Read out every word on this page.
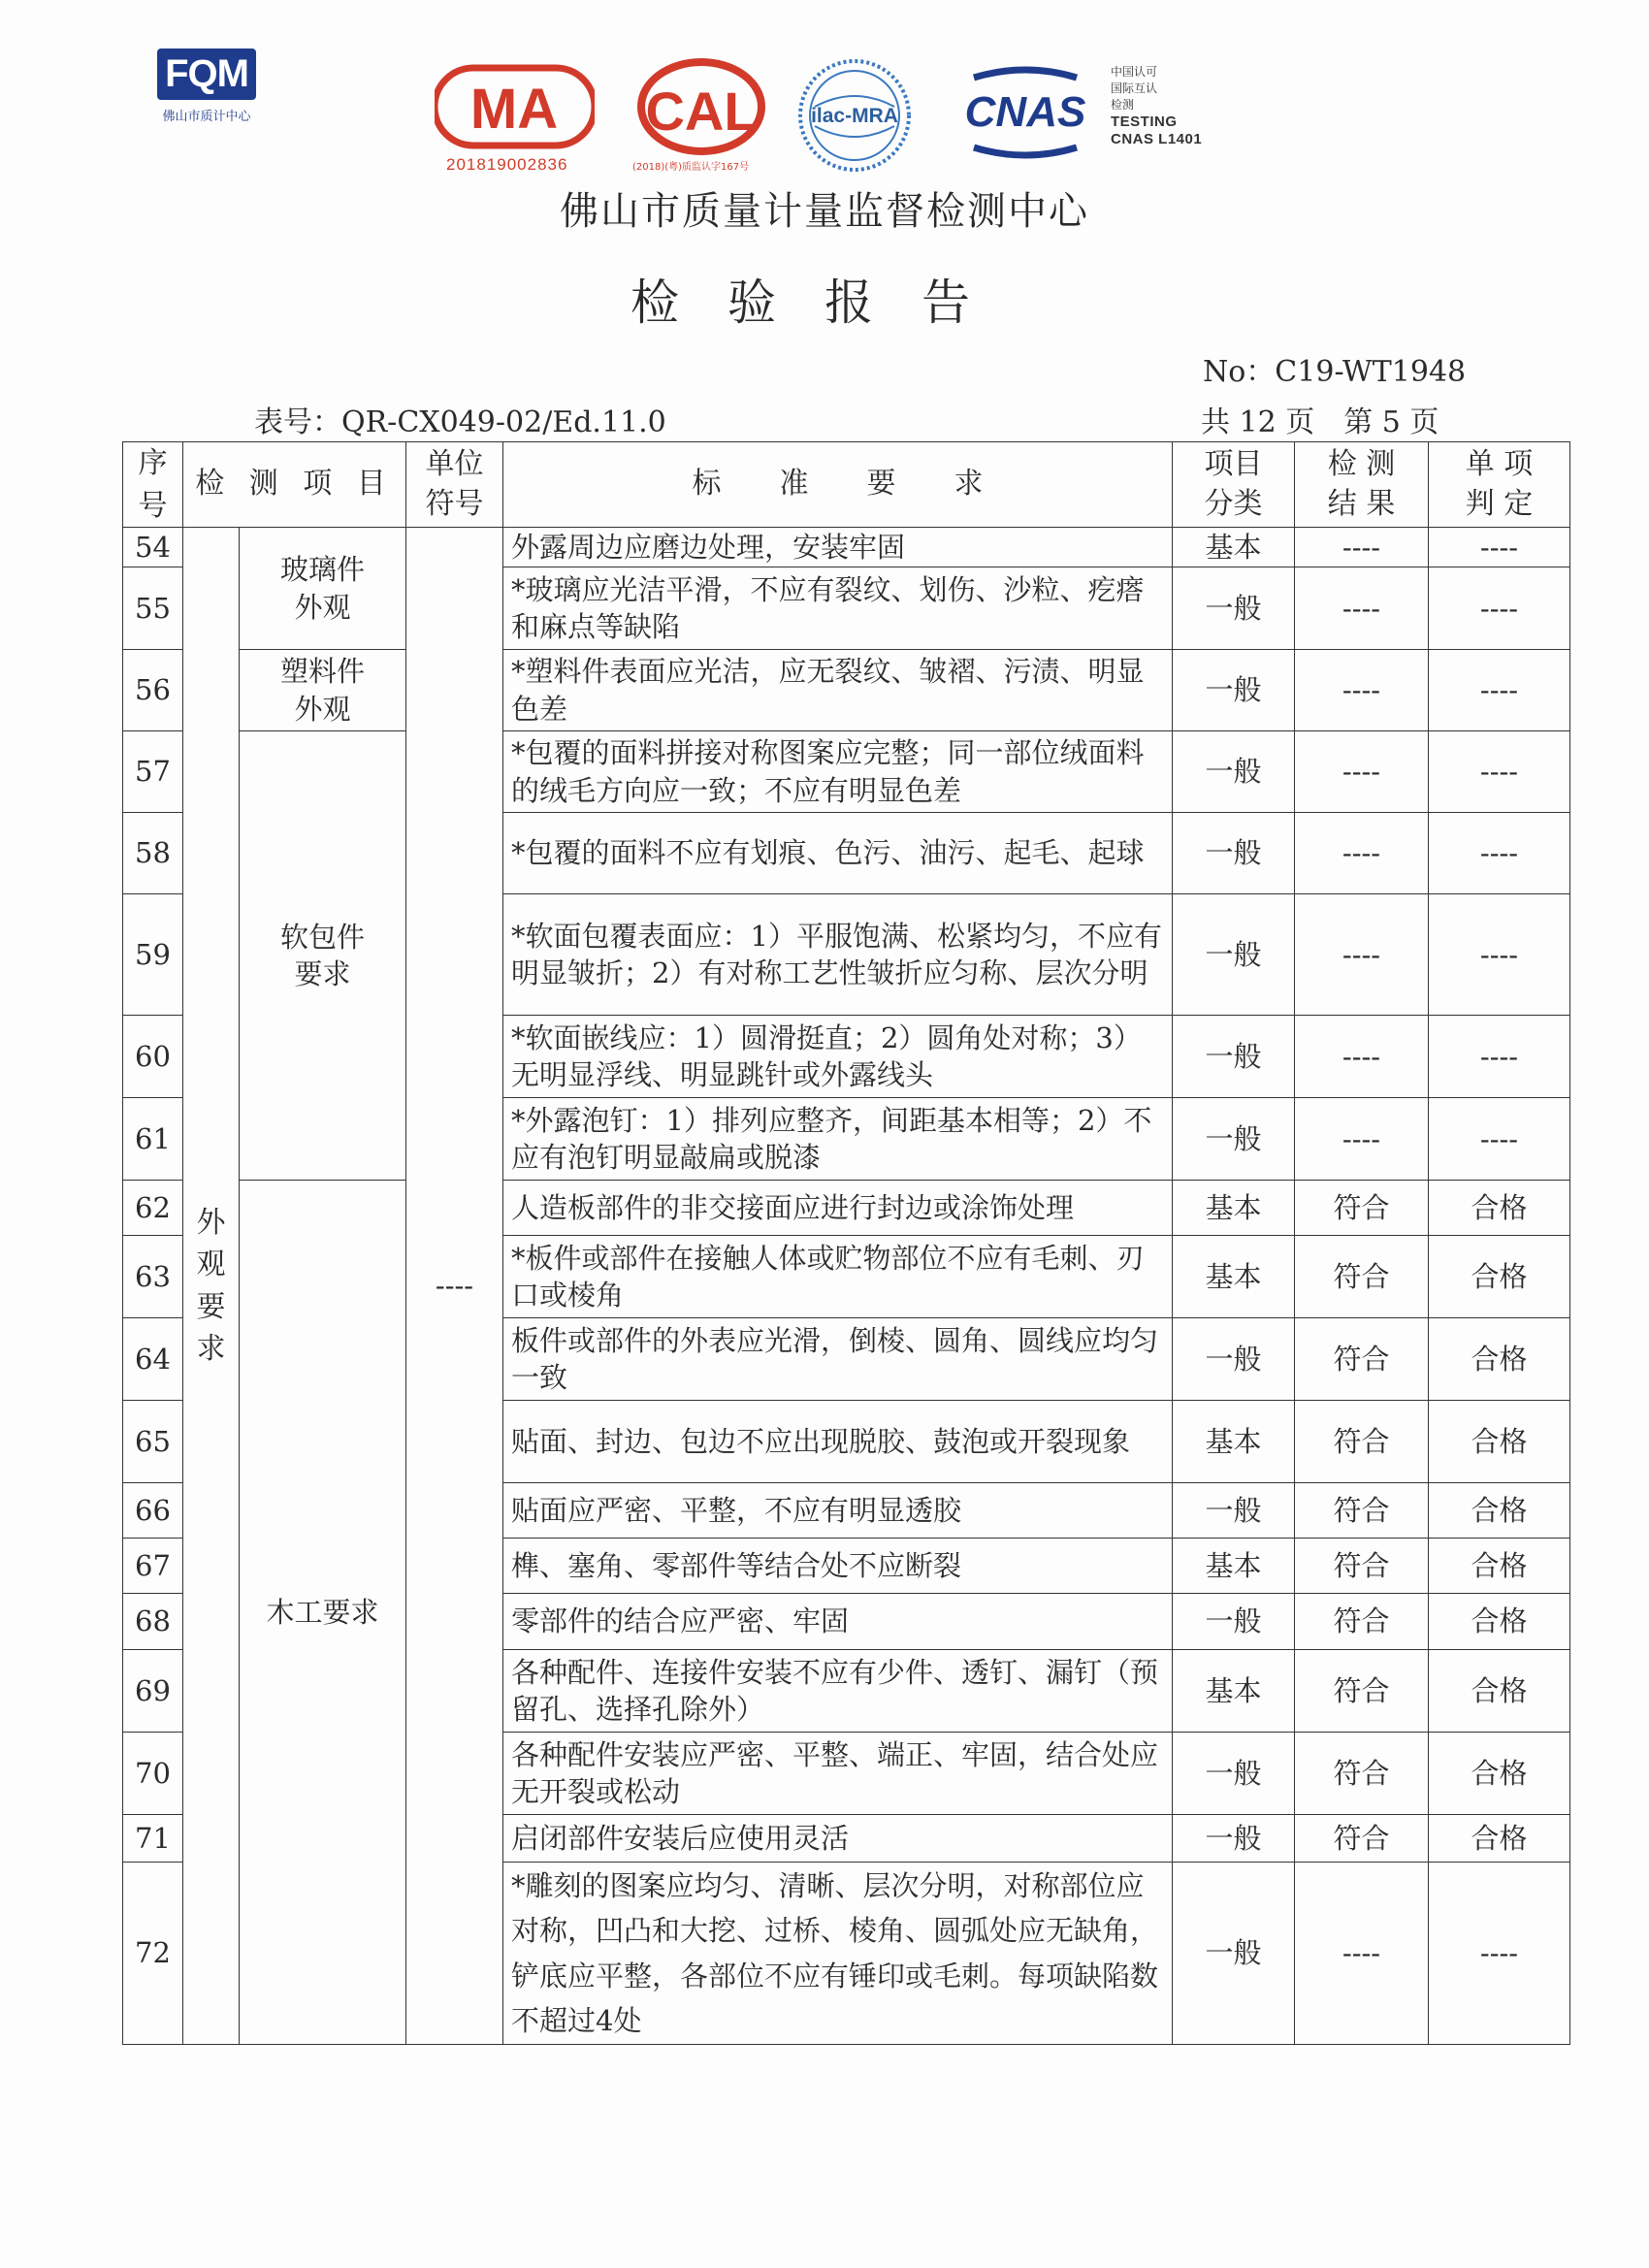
FQM
佛山市质计中心	MA
201819002836
CAL
(2018)(粤)质监认字167号
ilac-MRA CNAS
中国认可
国际互认
检测
TESTING
CNAS L1401
佛山市质量计量监督检测中心
检验报告
No：C19-WT1948
表号：QR-CX049-02/Ed.11.0	共 12 页　第 5 页
序号	检 测 项 目		单位符号	标　　准　　要　　求	项目分类	检 测结 果	单 项判 定

54	外观要求	玻璃件外观	----	外露周边应磨边处理，安装牢固	基本	----	----
55				*玻璃应光洁平滑，不应有裂纹、划伤、沙粒、疙瘩和麻点等缺陷	一般	----	----
56		塑料件外观		*塑料件表面应光洁，应无裂纹、皱褶、污渍、明显色差	一般	----	----
57		软包件要求		*包覆的面料拼接对称图案应完整；同一部位绒面料的绒毛方向应一致；不应有明显色差	一般	----	----
58				*包覆的面料不应有划痕、色污、油污、起毛、起球	一般	----	----
59				*软面包覆表面应：1）平服饱满、松紧均匀，不应有明显皱折；2）有对称工艺性皱折应匀称、层次分明	一般	----	----
60				*软面嵌线应：1）圆滑挺直；2）圆角处对称；3）无明显浮线、明显跳针或外露线头	一般	----	----
61				*外露泡钉：1）排列应整齐，间距基本相等；2）不应有泡钉明显敲扁或脱漆	一般	----	----
62		木工要求		人造板部件的非交接面应进行封边或涂饰处理	基本	符合	合格
63				*板件或部件在接触人体或贮物部位不应有毛刺、刃口或棱角	基本	符合	合格
64				板件或部件的外表应光滑，倒棱、圆角、圆线应均匀一致	一般	符合	合格
65				贴面、封边、包边不应出现脱胶、鼓泡或开裂现象	基本	符合	合格
66				贴面应严密、平整，不应有明显透胶	一般	符合	合格
67				榫、塞角、零部件等结合处不应断裂	基本	符合	合格
68				零部件的结合应严密、牢固	一般	符合	合格
69				各种配件、连接件安装不应有少件、透钉、漏钉（预留孔、选择孔除外）	基本	符合	合格
70				各种配件安装应严密、平整、端正、牢固，结合处应无开裂或松动	一般	符合	合格
71				启闭部件安装后应使用灵活	一般	符合	合格
72				*雕刻的图案应均匀、清晰、层次分明，对称部位应对称，凹凸和大挖、过桥、棱角、圆弧处应无缺角，铲底应平整，各部位不应有锤印或毛刺。每项缺陷数不超过4处	一般	----	----
